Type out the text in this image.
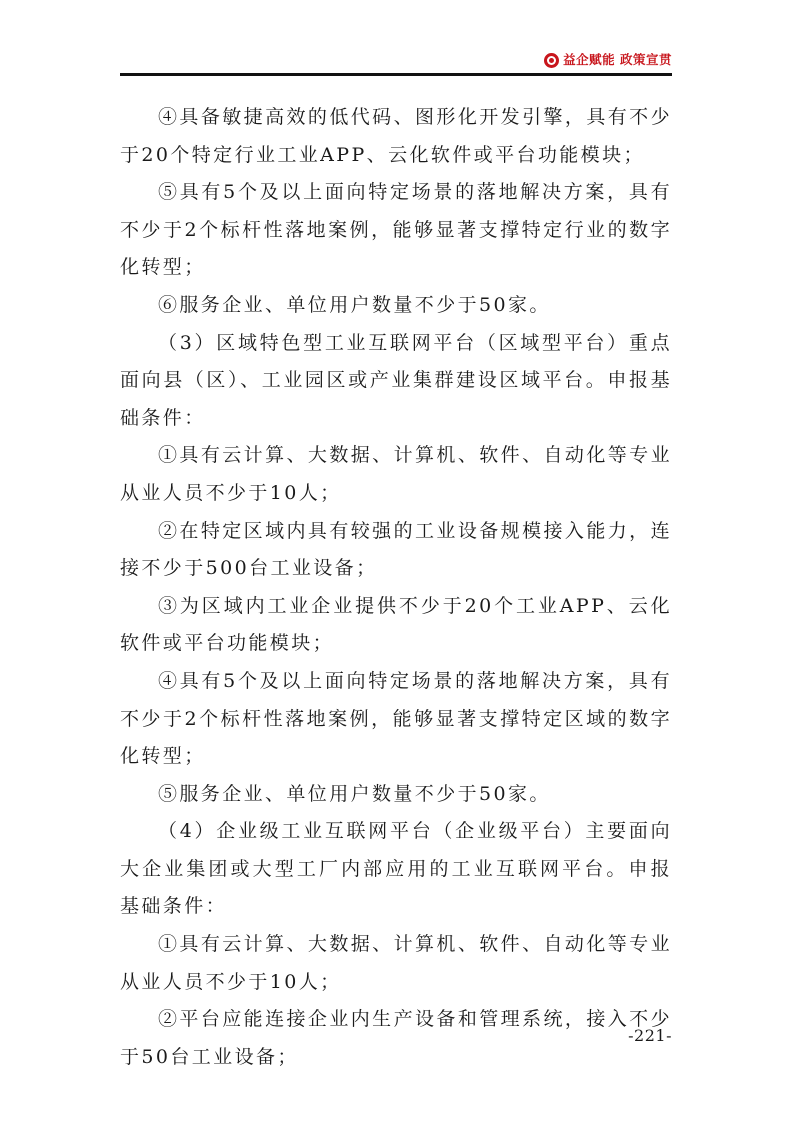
益企赋能 政策宣贯

④具备敏捷高效的低代码、图形化开发引擎，具有不少于20个特定行业工业APP、云化软件或平台功能模块；

⑤具有5个及以上面向特定场景的落地解决方案，具有不少于2个标杆性落地案例，能够显著支撑特定行业的数字化转型；

⑥服务企业、单位用户数量不少于50家。

（3）区域特色型工业互联网平台（区域型平台）重点面向县（区）、工业园区或产业集群建设区域平台。申报基础条件：

①具有云计算、大数据、计算机、软件、自动化等专业从业人员不少于10人；

②在特定区域内具有较强的工业设备规模接入能力，连接不少于500台工业设备；

③为区域内工业企业提供不少于20个工业APP、云化软件或平台功能模块；

④具有5个及以上面向特定场景的落地解决方案，具有不少于2个标杆性落地案例，能够显著支撑特定区域的数字化转型；

⑤服务企业、单位用户数量不少于50家。

（4）企业级工业互联网平台（企业级平台）主要面向大企业集团或大型工厂内部应用的工业互联网平台。申报基础条件：

①具有云计算、大数据、计算机、软件、自动化等专业从业人员不少于10人；

②平台应能连接企业内生产设备和管理系统，接入不少于50台工业设备；

-221-
